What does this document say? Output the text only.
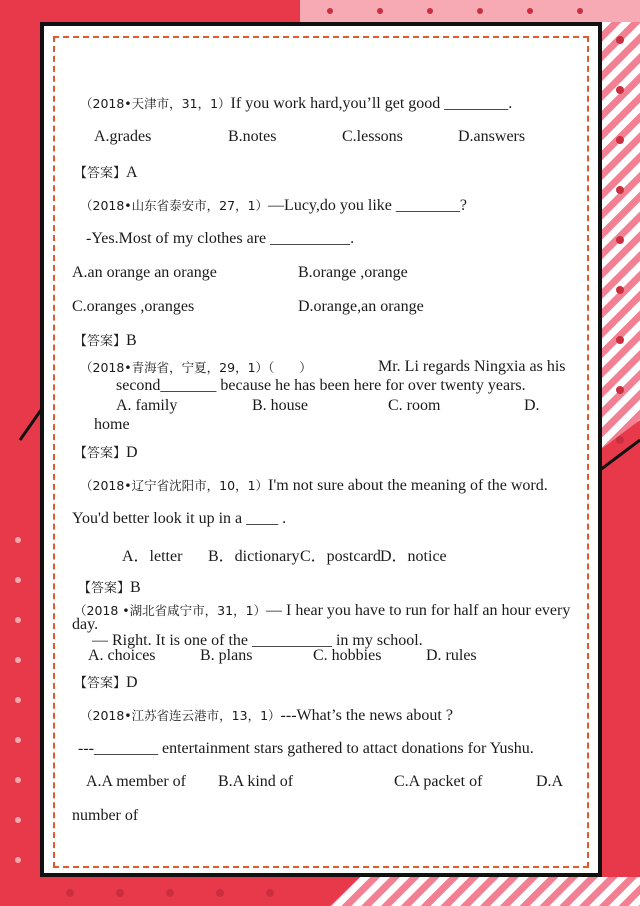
（2018•天津市，31，1）If you work hard,you’ll get good ________.
A.grades	B.notes	C.lessons	D.answers
【答案】A
（2018•山东省泰安市，27，1）—Lucy,do you like ________?
-Yes.Most of my clothes are __________.
A.an orange an orange	B.orange ,orange
C.oranges ,oranges	D.orange,an orange
【答案】B
（2018•青海省，宁夏，29，1）（　　）	Mr. Li regards Ningxia as his
second_______ because he has been here for over twenty years.
A. family	B. house	C. room	D.
home
【答案】D
（2018•辽宁省沈阳市，10，1）I'm not sure about the meaning of the word.
You'd better look it up in a ____ .
A．letter B．dictionary C．postcard D．notice
【答案】B
（2018 •湖北省咸宁市，31，1）— I hear you have to run for half an hour every
day.
— Right. It is one of the __________ in my school.
A. choices	B. plans	C. hobbies	D. rules
【答案】D
（2018•江苏省连云港市，13，1）---What’s the news about ?
---________ entertainment stars gathered to attact donations for Yushu.
A.A member of B.A kind of	C.A packet of	D.A
number of
